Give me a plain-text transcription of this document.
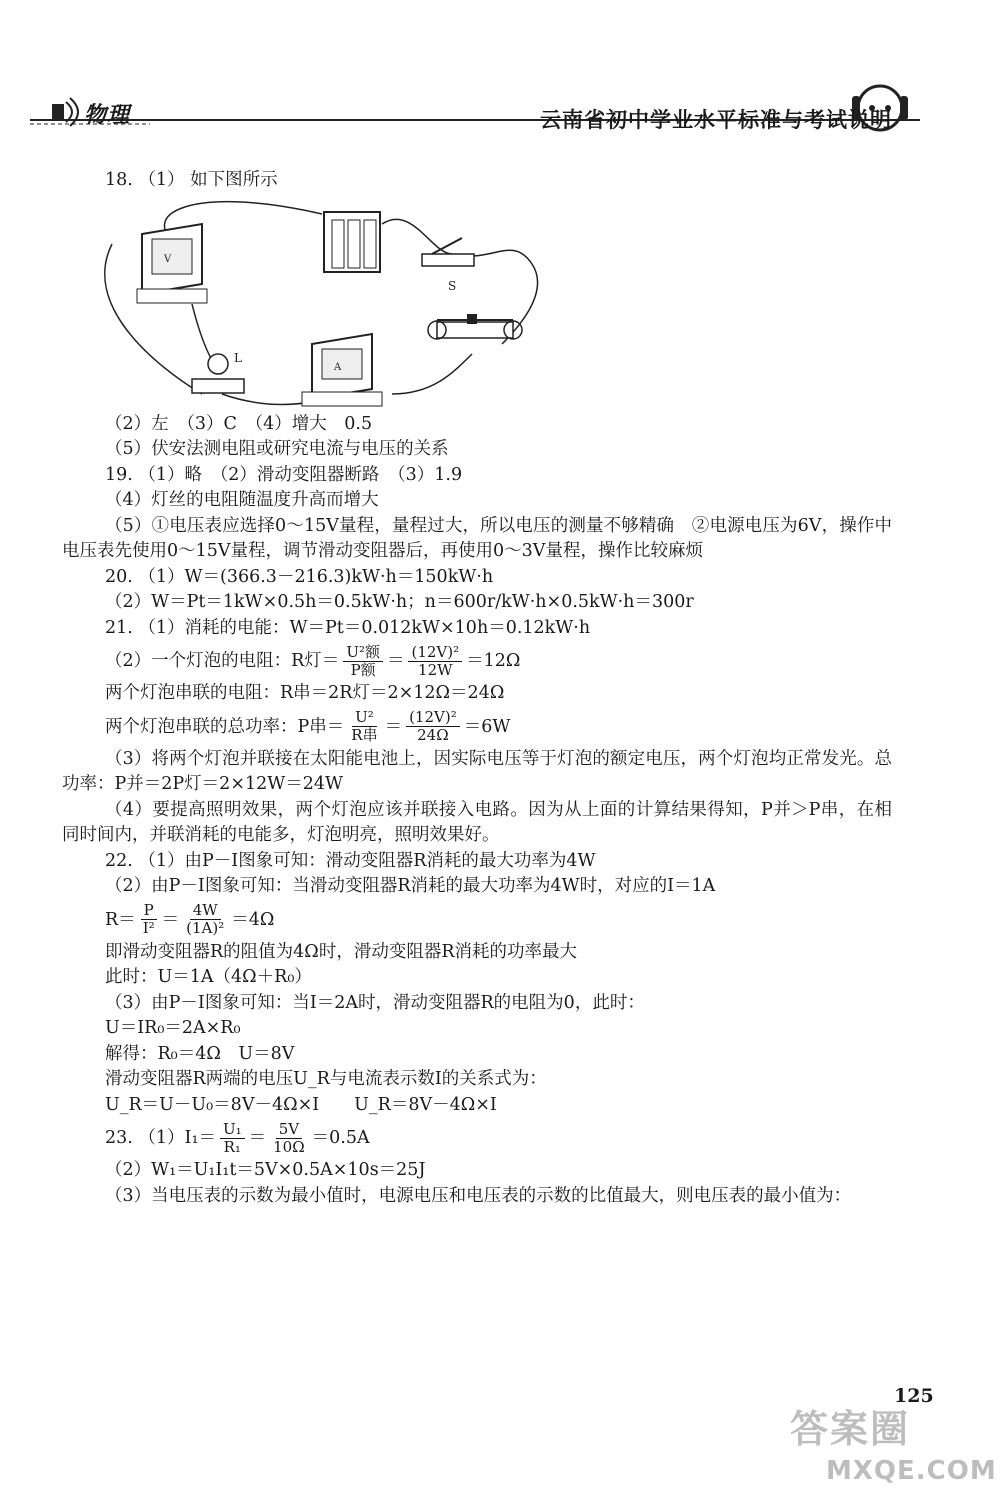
物理	云南省初中学业水平标准与考试说明
18. （1） 如下图所示
V
S
A
L
（2）左　（3）C　（4）增大　0.5
（5）伏安法测电阻或研究电流与电压的关系
19. （1）略　（2）滑动变阻器断路　（3）1.9
（4）灯丝的电阻随温度升高而增大
（5）①电压表应选择0～15V量程，量程过大，所以电压的测量不够精确　②电源电压为6V，操作中电压表先使用0～15V量程，调节滑动变阻器后，再使用0～3V量程，操作比较麻烦
20. （1）W＝(366.3－216.3)kW·h＝150kW·h
（2）W＝Pt＝1kW×0.5h＝0.5kW·h；n＝600r/kW·h×0.5kW·h＝300r
21. （1）消耗的电能：W＝Pt＝0.012kW×10h＝0.12kW·h
（2）一个灯泡的电阻：R灯＝ $\frac{\text{U²额}}{\text{P额}} = \frac{\text{(12V)²}}{12W} =12\Omega$
两个灯泡串联的电阻：R串＝2R灯＝2×12Ω＝24Ω
两个灯泡串联的总功率：P串＝ $\frac{\text{U²}}{\text{R串}} = \frac{\text{(12V)²}}{24\Omega} =6W$
（3）将两个灯泡并联接在太阳能电池上，因实际电压等于灯泡的额定电压，两个灯泡均正常发光。总功率：P并＝2P灯＝2×12W＝24W
（4）要提高照明效果，两个灯泡应该并联接入电路。因为从上面的计算结果得知，P并＞P串，在相同时间内，并联消耗的电能多，灯泡明亮，照明效果好。
22. （1）由P－I图象可知：滑动变阻器R消耗的最大功率为4W
（2）由P－I图象可知：当滑动变阻器R消耗的最大功率为4W时，对应的I＝1A
$R= \frac{P}{\text{I²}} = \frac{4W}{\text{(1A)²}} =4\Omega$
即滑动变阻器R的阻值为4Ω时，滑动变阻器R消耗的功率最大
此时：U＝1A（4Ω＋R₀）
（3）由P－I图象可知：当I＝2A时，滑动变阻器R的电阻为0，此时：
U＝IR₀＝2A×R₀
解得：R₀＝4Ω　U＝8V
滑动变阻器R两端的电压U_R与电流表示数I的关系式为：
U_R＝U－U₀＝8V－4Ω×I　　U_R＝8V－4Ω×I
23. $(1)I_1= \frac{\text{U₁}}{\text{R₁}} = \frac{5V}{10\Omega} =0.5A$
（2）W₁＝U₁I₁t＝5V×0.5A×10s＝25J
（3）当电压表的示数为最小值时，电源电压和电压表的示数的比值最大，则电压表的最小值为：
125
答案圈
MXQE.COM
